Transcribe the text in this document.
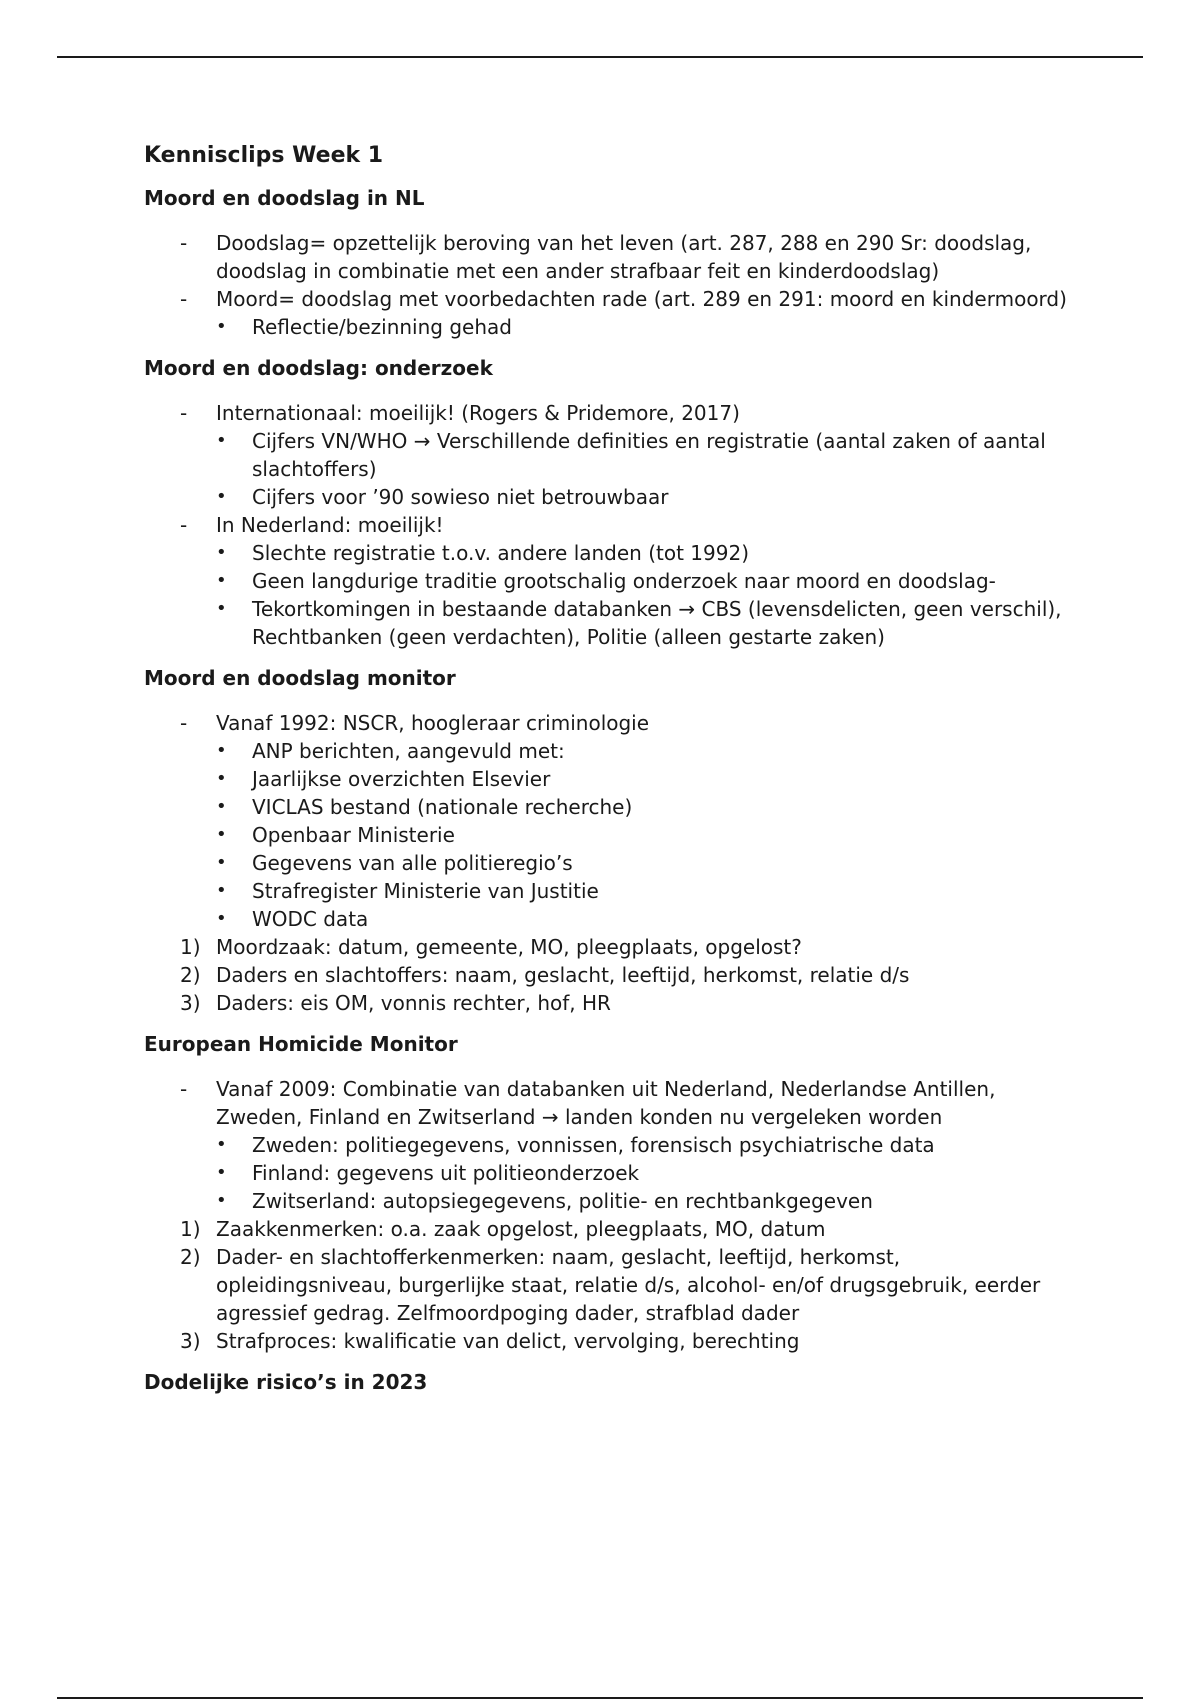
Kennisclips Week 1
Moord en doodslag in NL
- Doodslag= opzettelijk beroving van het leven (art. 287, 288 en 290 Sr: doodslag, doodslag in combinatie met een ander strafbaar feit en kinderdoodslag)
- Moord= doodslag met voorbedachten rade (art. 289 en 291: moord en kindermoord)
• Reflectie/bezinning gehad
Moord en doodslag: onderzoek
- Internationaal: moeilijk! (Rogers & Pridemore, 2017)
• Cijfers VN/WHO → Verschillende definities en registratie (aantal zaken of aantal slachtoffers)
• Cijfers voor ’90 sowieso niet betrouwbaar
- In Nederland: moeilijk!
• Slechte registratie t.o.v. andere landen (tot 1992)
• Geen langdurige traditie grootschalig onderzoek naar moord en doodslag-
• Tekortkomingen in bestaande databanken → CBS (levensdelicten, geen verschil), Rechtbanken (geen verdachten), Politie (alleen gestarte zaken)
Moord en doodslag monitor
- Vanaf 1992: NSCR, hoogleraar criminologie
• ANP berichten, aangevuld met:
• Jaarlijkse overzichten Elsevier
• VICLAS bestand (nationale recherche)
• Openbaar Ministerie
• Gegevens van alle politieregio’s
• Strafregister Ministerie van Justitie
• WODC data
1) Moordzaak: datum, gemeente, MO, pleegplaats, opgelost?
2) Daders en slachtoffers: naam, geslacht, leeftijd, herkomst, relatie d/s
3) Daders: eis OM, vonnis rechter, hof, HR
European Homicide Monitor
- Vanaf 2009: Combinatie van databanken uit Nederland, Nederlandse Antillen, Zweden, Finland en Zwitserland → landen konden nu vergeleken worden
• Zweden: politiegegevens, vonnissen, forensisch psychiatrische data
• Finland: gegevens uit politieonderzoek
• Zwitserland: autopsiegegevens, politie- en rechtbankgegeven
1) Zaakkenmerken: o.a. zaak opgelost, pleegplaats, MO, datum
2) Dader- en slachtofferkenmerken: naam, geslacht, leeftijd, herkomst, opleidingsniveau, burgerlijke staat, relatie d/s, alcohol- en/of drugsgebruik, eerder agressief gedrag. Zelfmoordpoging dader, strafblad dader
3) Strafproces: kwalificatie van delict, vervolging, berechting
Dodelijke risico’s in 2023
